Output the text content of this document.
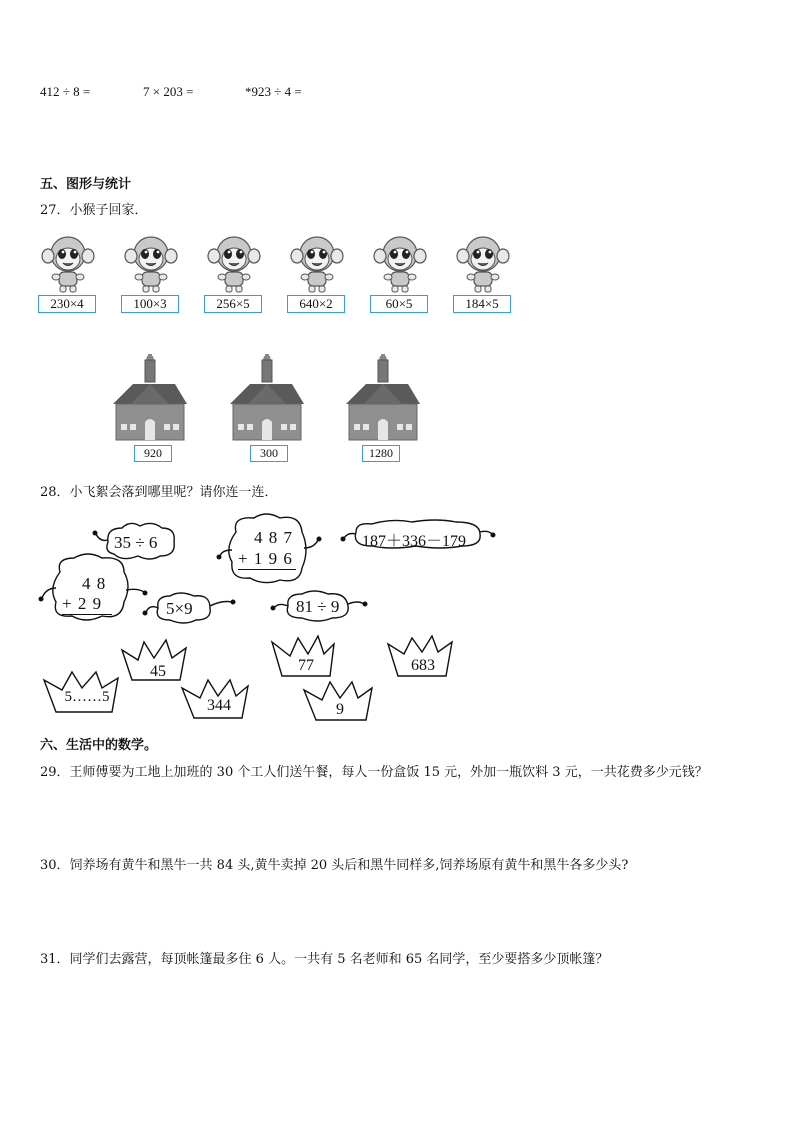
412 ÷ 8 =	7 × 203 =	*923 ÷ 4 =
五、图形与统计
27．小猴子回家．
230×4	100×3	256×5	640×2	60×5	184×5
920	300	1280
28．小飞絮会落到哪里呢？请你连一连．
35 ÷ 6	4 8 7
+ 1 9 6
187＋336－179
4 8
+ 2 9	5×9	81 ÷ 9
45	77	683
5……5	344	9
六、生活中的数学。
29．王师傅要为工地上加班的 30 个工人们送午餐，每人一份盒饭 15 元，外加一瓶饮料 3 元，一共花费多少元钱？
30．饲养场有黄牛和黑牛一共 84 头,黄牛卖掉 20 头后和黑牛同样多,饲养场原有黄牛和黑牛各多少头?
31．同学们去露营，每顶帐篷最多住 6 人。一共有 5 名老师和 65 名同学，至少要搭多少顶帐篷？
